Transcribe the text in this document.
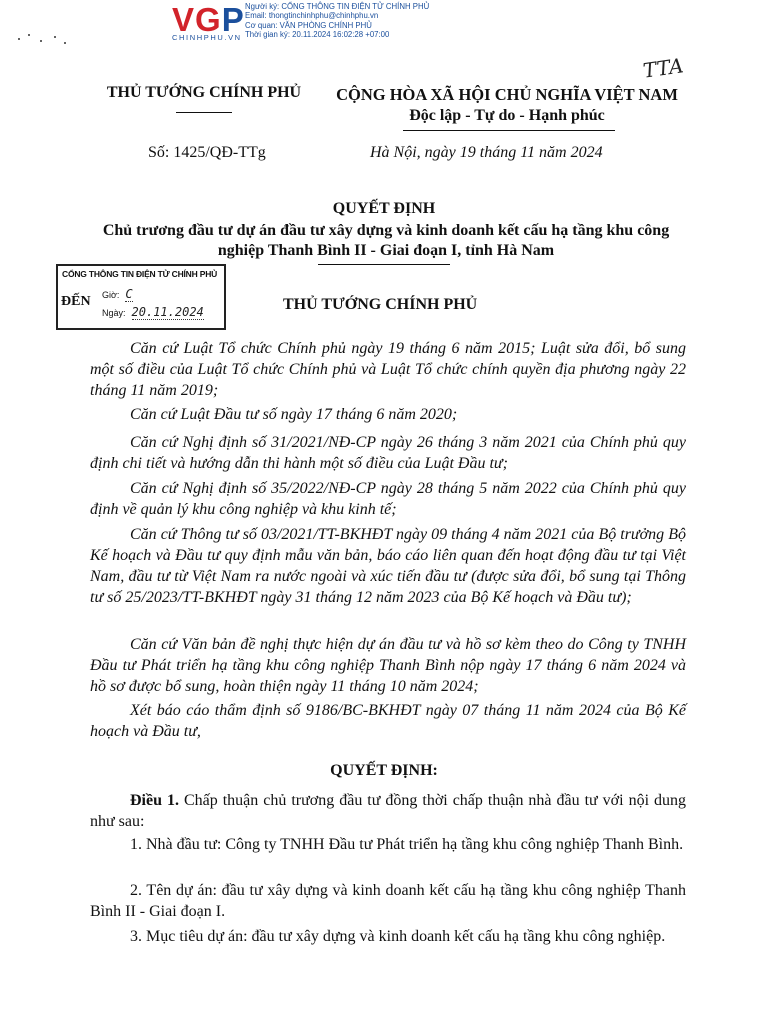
VGP
CHINHPHU.VN
Người ký: CỔNG THÔNG TIN ĐIỆN TỬ CHÍNH PHỦ
Email: thongtinchinhphu@chinhphu.vn
Cơ quan: VĂN PHÒNG CHÍNH PHỦ
Thời gian ký: 20.11.2024 16:02:28 +07:00
TTA
THỦ TƯỚNG CHÍNH PHỦ	CỘNG HÒA XÃ HỘI CHỦ NGHĨA VIỆT NAM
Độc lập - Tự do - Hạnh phúc
Số: 1425/QĐ-TTg	Hà Nội, ngày 19 tháng 11 năm 2024
QUYẾT ĐỊNH
Chủ trương đầu tư dự án đầu tư xây dựng và kinh doanh kết cấu hạ tầng khu công nghiệp Thanh Bình II - Giai đoạn I, tỉnh Hà Nam
CỔNG THÔNG TIN ĐIỆN TỬ CHÍNH PHỦ
ĐẾN Giờ: C
Ngày: 20.11.2024	THỦ TƯỚNG CHÍNH PHỦ
Căn cứ Luật Tổ chức Chính phủ ngày 19 tháng 6 năm 2015; Luật sửa đổi, bổ sung một số điều của Luật Tổ chức Chính phủ và Luật Tổ chức chính quyền địa phương ngày 22 tháng 11 năm 2019;
Căn cứ Luật Đầu tư số ngày 17 tháng 6 năm 2020;
Căn cứ Nghị định số 31/2021/NĐ-CP ngày 26 tháng 3 năm 2021 của Chính phủ quy định chi tiết và hướng dẫn thi hành một số điều của Luật Đầu tư;
Căn cứ Nghị định số 35/2022/NĐ-CP ngày 28 tháng 5 năm 2022 của Chính phủ quy định về quản lý khu công nghiệp và khu kinh tế;
Căn cứ Thông tư số 03/2021/TT-BKHĐT ngày 09 tháng 4 năm 2021 của Bộ trưởng Bộ Kế hoạch và Đầu tư quy định mẫu văn bản, báo cáo liên quan đến hoạt động đầu tư tại Việt Nam, đầu tư từ Việt Nam ra nước ngoài và xúc tiến đầu tư (được sửa đổi, bổ sung tại Thông tư số 25/2023/TT-BKHĐT ngày 31 tháng 12 năm 2023 của Bộ Kế hoạch và Đầu tư);
Căn cứ Văn bản đề nghị thực hiện dự án đầu tư và hồ sơ kèm theo do Công ty TNHH Đầu tư Phát triển hạ tầng khu công nghiệp Thanh Bình nộp ngày 17 tháng 6 năm 2024 và hồ sơ được bổ sung, hoàn thiện ngày 11 tháng 10 năm 2024;
Xét báo cáo thẩm định số 9186/BC-BKHĐT ngày 07 tháng 11 năm 2024 của Bộ Kế hoạch và Đầu tư,
QUYẾT ĐỊNH:
Điều 1. Chấp thuận chủ trương đầu tư đồng thời chấp thuận nhà đầu tư với nội dung như sau:
1. Nhà đầu tư: Công ty TNHH Đầu tư Phát triển hạ tầng khu công nghiệp Thanh Bình.
2. Tên dự án: đầu tư xây dựng và kinh doanh kết cấu hạ tầng khu công nghiệp Thanh Bình II - Giai đoạn I.
3. Mục tiêu dự án: đầu tư xây dựng và kinh doanh kết cấu hạ tầng khu công nghiệp.
